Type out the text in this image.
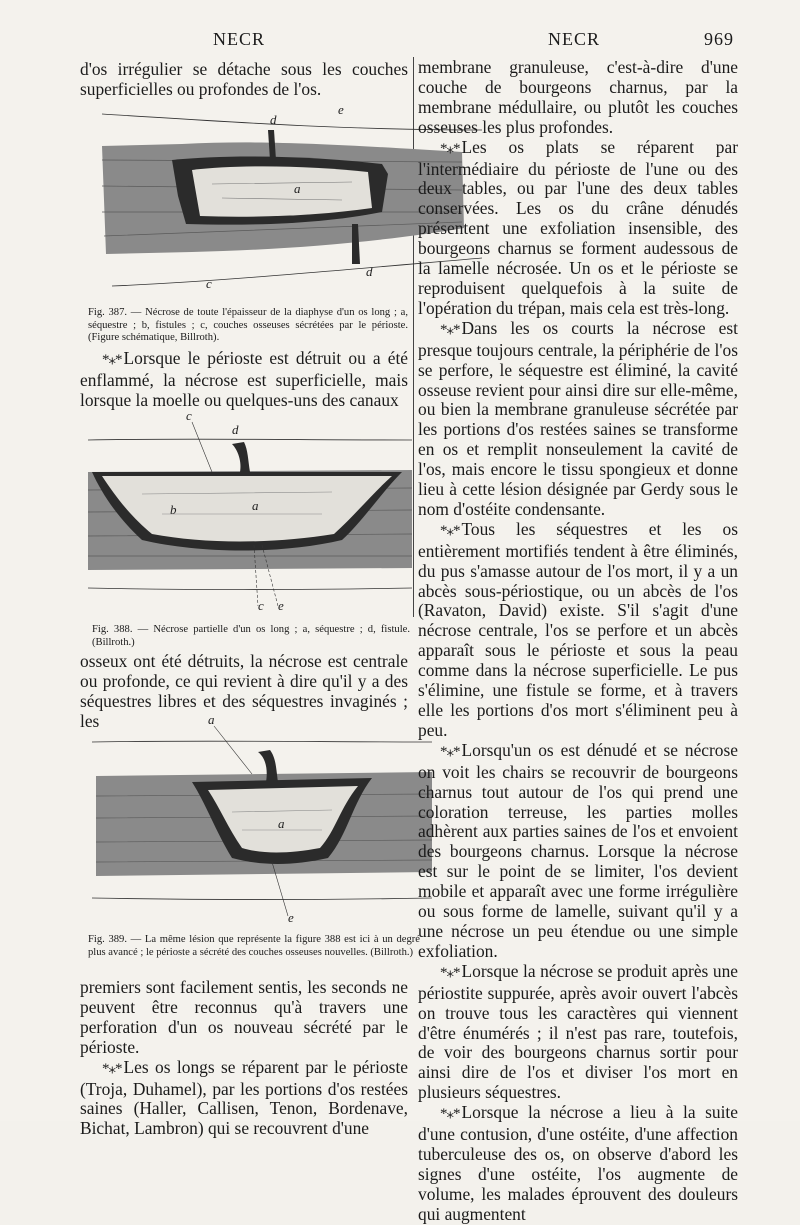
NECR	NECR	969

d'os irrégulier se détache sous les couches superficielles ou profondes de l'os.

d
e
a
c
d
Fig. 387. — Nécrose de toute l'épaisseur de la diaphyse d'un os long ; a, séquestre ; b, fistules ; c, couches osseuses sécrétées par le périoste. (Figure schématique, Billroth).

*⁎* Lorsque le périoste est détruit ou a été enflammé, la nécrose est superficielle, mais lorsque la moelle ou quelques-uns des canaux

c
d
b	a
c e
Fig. 388. — Nécrose partielle d'un os long ; a, séquestre ; d, fistule. (Billroth.)

osseux ont été détruits, la nécrose est centrale ou profonde, ce qui revient à dire qu'il y a des séquestres libres et des séquestres invaginés ; les	a
a
e
Fig. 389. — La même lésion que représente la figure 388 est ici à un degré plus avancé ; le périoste a sécrété des couches osseuses nouvelles. (Billroth.)

premiers sont facilement sentis, les seconds ne peuvent être reconnus qu'à travers une perforation d'un os nouveau sécrété par le périoste.

*⁎* Les os longs se réparent par le périoste (Troja, Duhamel), par les portions d'os restées saines (Haller, Callisen, Tenon, Bordenave, Bichat, Lambron) qui se recouvrent d'une

membrane granuleuse, c'est-à-dire d'une couche de bourgeons charnus, par la membrane médullaire, ou plutôt les couches osseuses les plus profondes.

*⁎* Les os plats se réparent par l'intermédiaire du périoste de l'une ou des deux tables, ou par l'une des deux tables conservées. Les os du crâne dénudés présentent une exfoliation insensible, des bourgeons charnus se forment audessous de la lamelle nécrosée. Un os et le périoste se reproduisent quelquefois à la suite de l'opération du trépan, mais cela est très-long.

*⁎* Dans les os courts la nécrose est presque toujours centrale, la périphérie de l'os se perfore, le séquestre est éliminé, la cavité osseuse revient pour ainsi dire sur elle-même, ou bien la membrane granuleuse sécrétée par les portions d'os restées saines se transforme en os et remplit nonseulement la cavité de l'os, mais encore le tissu spongieux et donne lieu à cette lésion désignée par Gerdy sous le nom d'ostéite condensante.

*⁎* Tous les séquestres et les os entièrement mortifiés tendent à être éliminés, du pus s'amasse autour de l'os mort, il y a un abcès sous-périostique, ou un abcès de l'os (Ravaton, David) existe. S'il s'agit d'une nécrose centrale, l'os se perfore et un abcès apparaît sous le périoste et sous la peau comme dans la nécrose superficielle. Le pus s'élimine, une fistule se forme, et à travers elle les portions d'os mort s'éliminent peu à peu.

*⁎* Lorsqu'un os est dénudé et se nécrose on voit les chairs se recouvrir de bourgeons charnus tout autour de l'os qui prend une coloration terreuse, les parties molles adhèrent aux parties saines de l'os et envoient des bourgeons charnus. Lorsque la nécrose est sur le point de se limiter, l'os devient mobile et apparaît avec une forme irrégulière ou sous forme de lamelle, suivant qu'il y a une nécrose un peu étendue ou une simple exfoliation.

*⁎* Lorsque la nécrose se produit après une périostite suppurée, après avoir ouvert l'abcès on trouve tous les caractères qui viennent d'être énumérés ; il n'est pas rare, toutefois, de voir des bourgeons charnus sortir pour ainsi dire de l'os et diviser l'os mort en plusieurs séquestres.

*⁎* Lorsque la nécrose a lieu à la suite d'une contusion, d'une ostéite, d'une affection tuberculeuse des os, on observe d'abord les signes d'une ostéite, l'os augmente de volume, les malades éprouvent des douleurs qui augmentent
